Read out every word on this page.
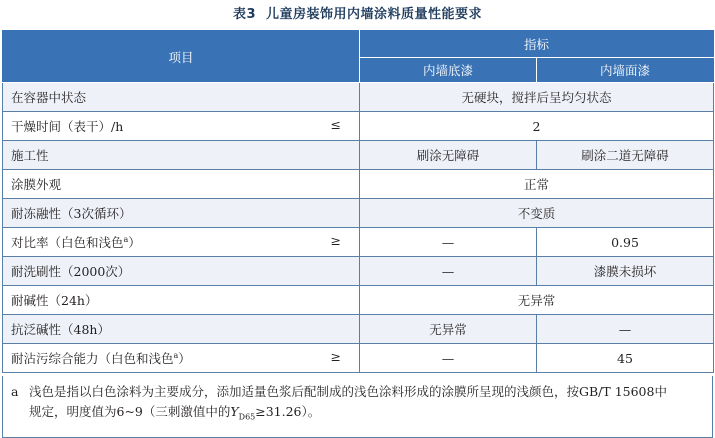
表3 儿童房装饰用内墙涂料质量性能要求
项目	指标	
	内墙底漆	内墙面漆

在容器中状态	无硬块，搅拌后呈均匀状态	

干燥时间（表干）/h ≤	2	

施工性	刷涂无障碍	刷涂二道无障碍

涂膜外观	正常	

耐冻融性（3次循环）	不变质	

对比率（白色和浅色$^a$） ≥	—	0.95

耐洗刷性（2000次）	—	漆膜未损坏

耐碱性（24h）	无异常	

抗泛碱性（48h）	无异常	—

耐沾污综合能力（白色和浅色$^a$） ≥	—	45
a 浅色是指以白色涂料为主要成分，添加适量色浆后配制成的浅色涂料形成的涂膜所呈现的浅颜色，按GB/T 15608中
规定，明度值为6~9（三刺激值中的$Y_{D65}\ge 31.26$）。
